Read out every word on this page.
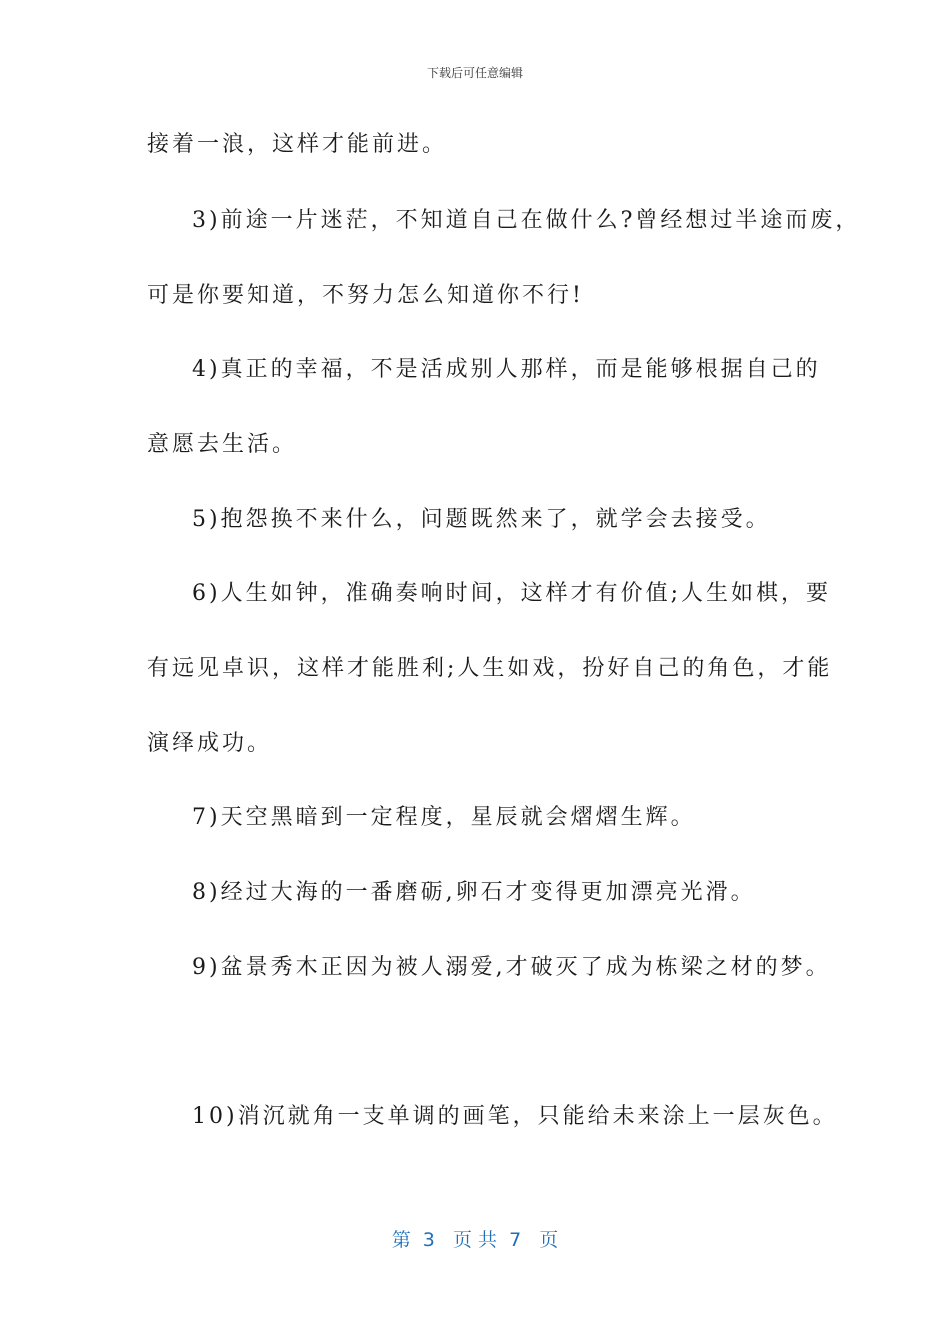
下载后可任意编辑
接着一浪，这样才能前进。
3)前途一片迷茫，不知道自己在做什么?曾经想过半途而废，
可是你要知道，不努力怎么知道你不行!
4)真正的幸福，不是活成别人那样，而是能够根据自己的
意愿去生活。
5)抱怨换不来什么，问题既然来了，就学会去接受。
6)人生如钟，准确奏响时间，这样才有价值;人生如棋，要
有远见卓识，这样才能胜利;人生如戏，扮好自己的角色，才能
演绎成功。
7)天空黑暗到一定程度，星辰就会熠熠生辉。
8)经过大海的一番磨砺,卵石才变得更加漂亮光滑。
9)盆景秀木正因为被人溺爱,才破灭了成为栋梁之材的梦。
10)消沉就角一支单调的画笔，只能给未来涂上一层灰色。
第  3   页 共  7   页
